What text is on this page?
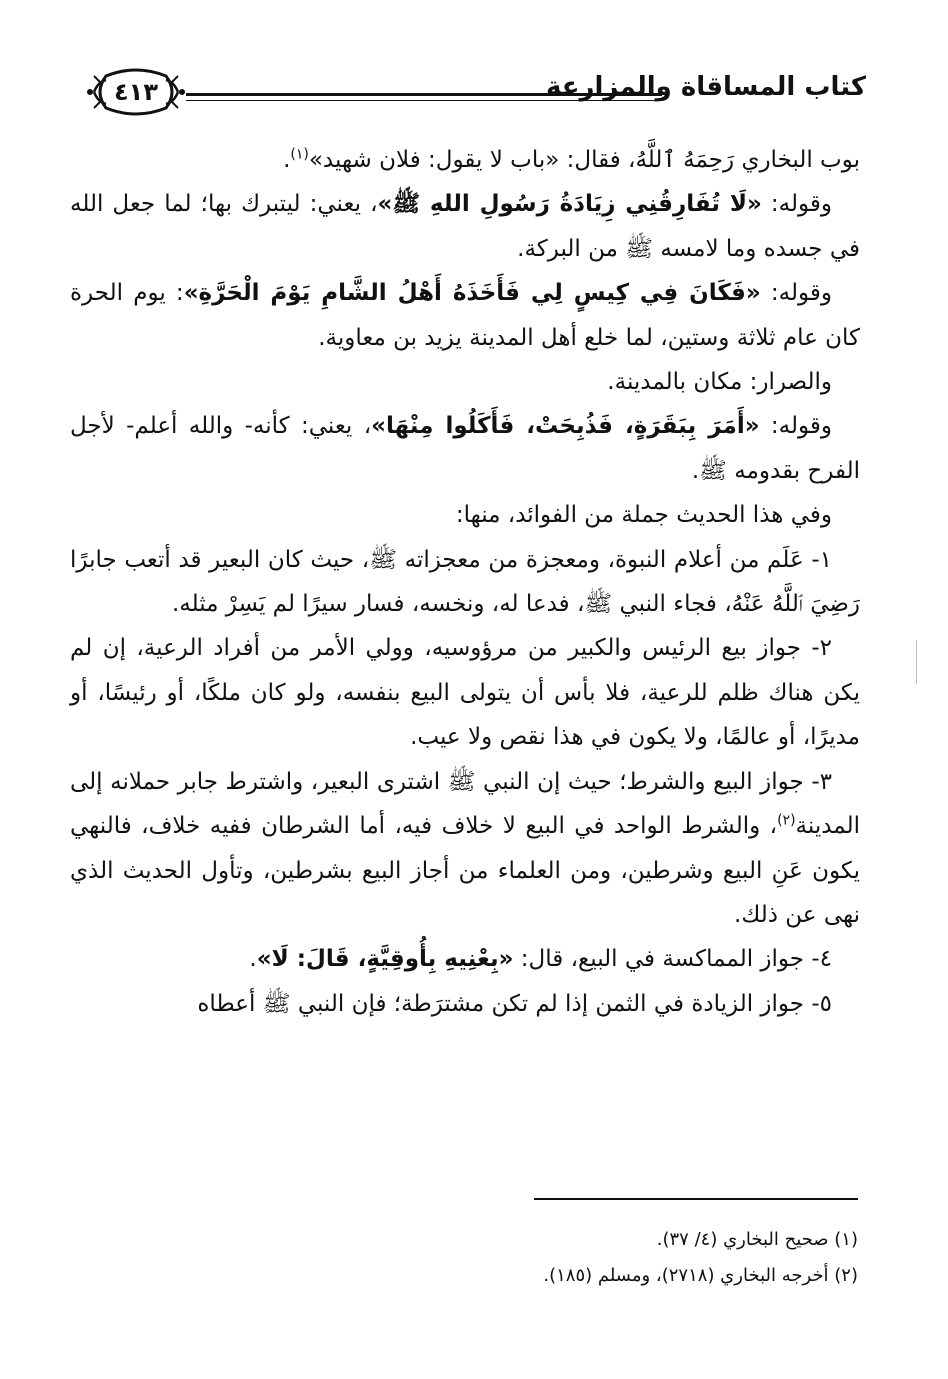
٤١٣	كتاب المساقاة والمزارعة

بوب البخاري رَحِمَهُ ٱللَّهُ، فقال: «باب لا يقول: فلان شهيد»$^{(١)}$.

وقوله: «لَا تُفَارِقُنِي زِيَادَةُ رَسُولِ اللهِ ﷺ»، يعني: ليتبرك بها؛ لما جعل الله في جسده وما لامسه ﷺ من البركة.

وقوله: «فَكَانَ فِي كِيسٍ لِي فَأَخَذَهُ أَهْلُ الشَّامِ يَوْمَ الْحَرَّةِ»: يوم الحرة كان عام ثلاثة وستين، لما خلع أهل المدينة يزيد بن معاوية.

والصرار: مكان بالمدينة.

وقوله: «أَمَرَ بِبَقَرَةٍ، فَذُبِحَتْ، فَأَكَلُوا مِنْهَا»، يعني: كأنه- والله أعلم- لأجل الفرح بقدومه ﷺ.

وفي هذا الحديث جملة من الفوائد، منها:

١- عَلَم من أعلام النبوة، ومعجزة من معجزاته ﷺ، حيث كان البعير قد أتعب جابرًا رَضِيَ ٱللَّهُ عَنْهُ، فجاء النبي ﷺ، فدعا له، ونخسه، فسار سيرًا لم يَسِرْ مثله.

٢- جواز بيع الرئيس والكبير من مرؤوسيه، وولي الأمر من أفراد الرعية، إن لم يكن هناك ظلم للرعية، فلا بأس أن يتولى البيع بنفسه، ولو كان ملكًا، أو رئيسًا، أو مديرًا، أو عالمًا، ولا يكون في هذا نقص ولا عيب.

٣- جواز البيع والشرط؛ حيث إن النبي ﷺ اشترى البعير، واشترط جابر حملانه إلى المدينة$^{(٢)}$، والشرط الواحد في البيع لا خلاف فيه، أما الشرطان ففيه خلاف، فالنهي يكون عَنِ البيع وشرطين، ومن العلماء من أجاز البيع بشرطين، وتأول الحديث الذي نهى عن ذلك.

٤- جواز المماكسة في البيع، قال: «بِعْنِيهِ بِأُوقِيَّةٍ، قَالَ: لَا».

٥- جواز الزيادة في الثمن إذا لم تكن مشترَطة؛ فإن النبي ﷺ أعطاه

(١) صحيح البخاري (٤/ ٣٧).

(٢) أخرجه البخاري (٢٧١٨)، ومسلم (١٨٥).
